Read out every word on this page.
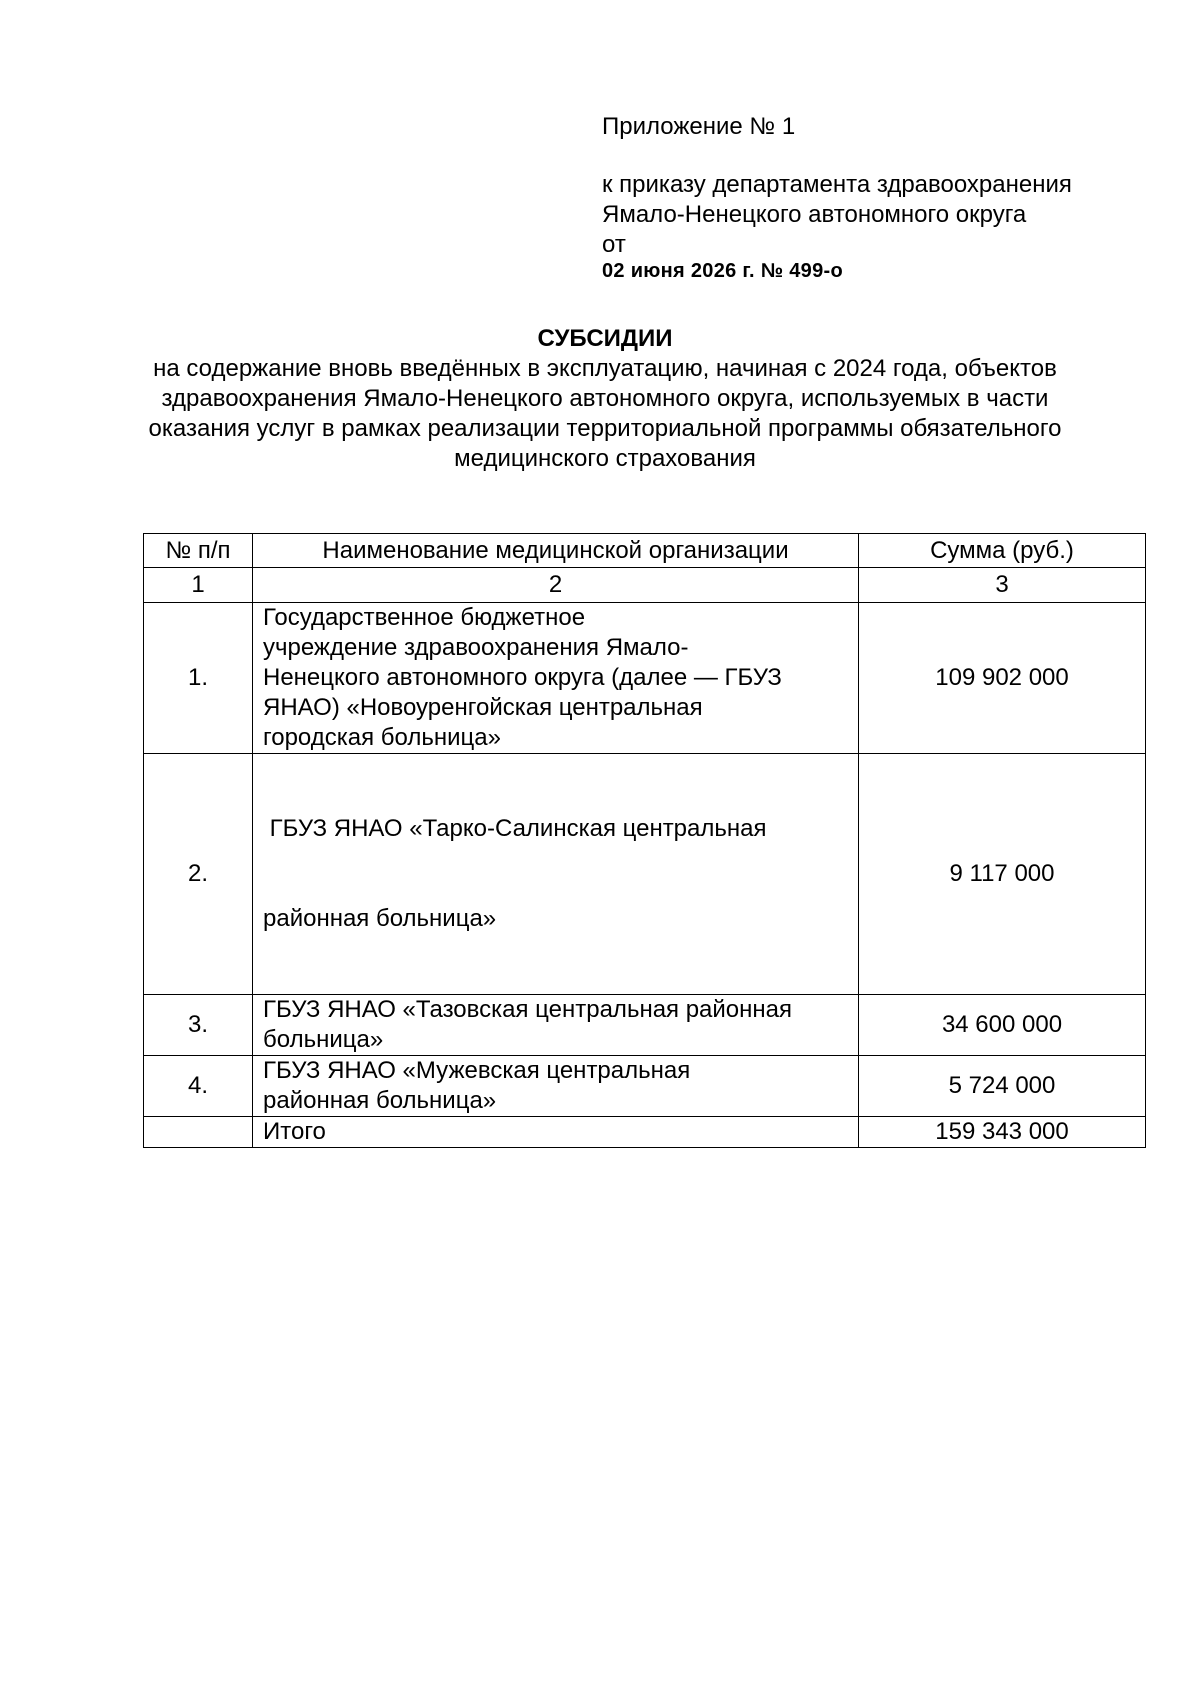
Приложение № 1
к приказу департамента здравоохранения
Ямало-Ненецкого автономного округа
от
02 июня 2026 г. № 499-о
СУБСИДИИ
на содержание вновь введённых в эксплуатацию, начиная с 2024 года, объектов здравоохранения Ямало-Ненецкого автономного округа, используемых в части оказания услуг в рамках реализации территориальной программы обязательного медицинского страхования
№ п/п	Наименование медицинской организации	Сумма (руб.)
1	2	3
1.	Государственное бюджетное
учреждение здравоохранения Ямало-
Ненецкого автономного округа (далее — ГБУЗ
ЯНАО) «Новоуренгойская центральная
городская больница»	109 902 000
2.	ГБУЗ ЯНАО «Тарко-Салинская центральная

районная больница»	9 117 000
3.	ГБУЗ ЯНАО «Тазовская центральная районная
больница»	34 600 000
4.	ГБУЗ ЯНАО «Мужевская центральная
районная больница»	5 724 000
	Итого	159 343 000
